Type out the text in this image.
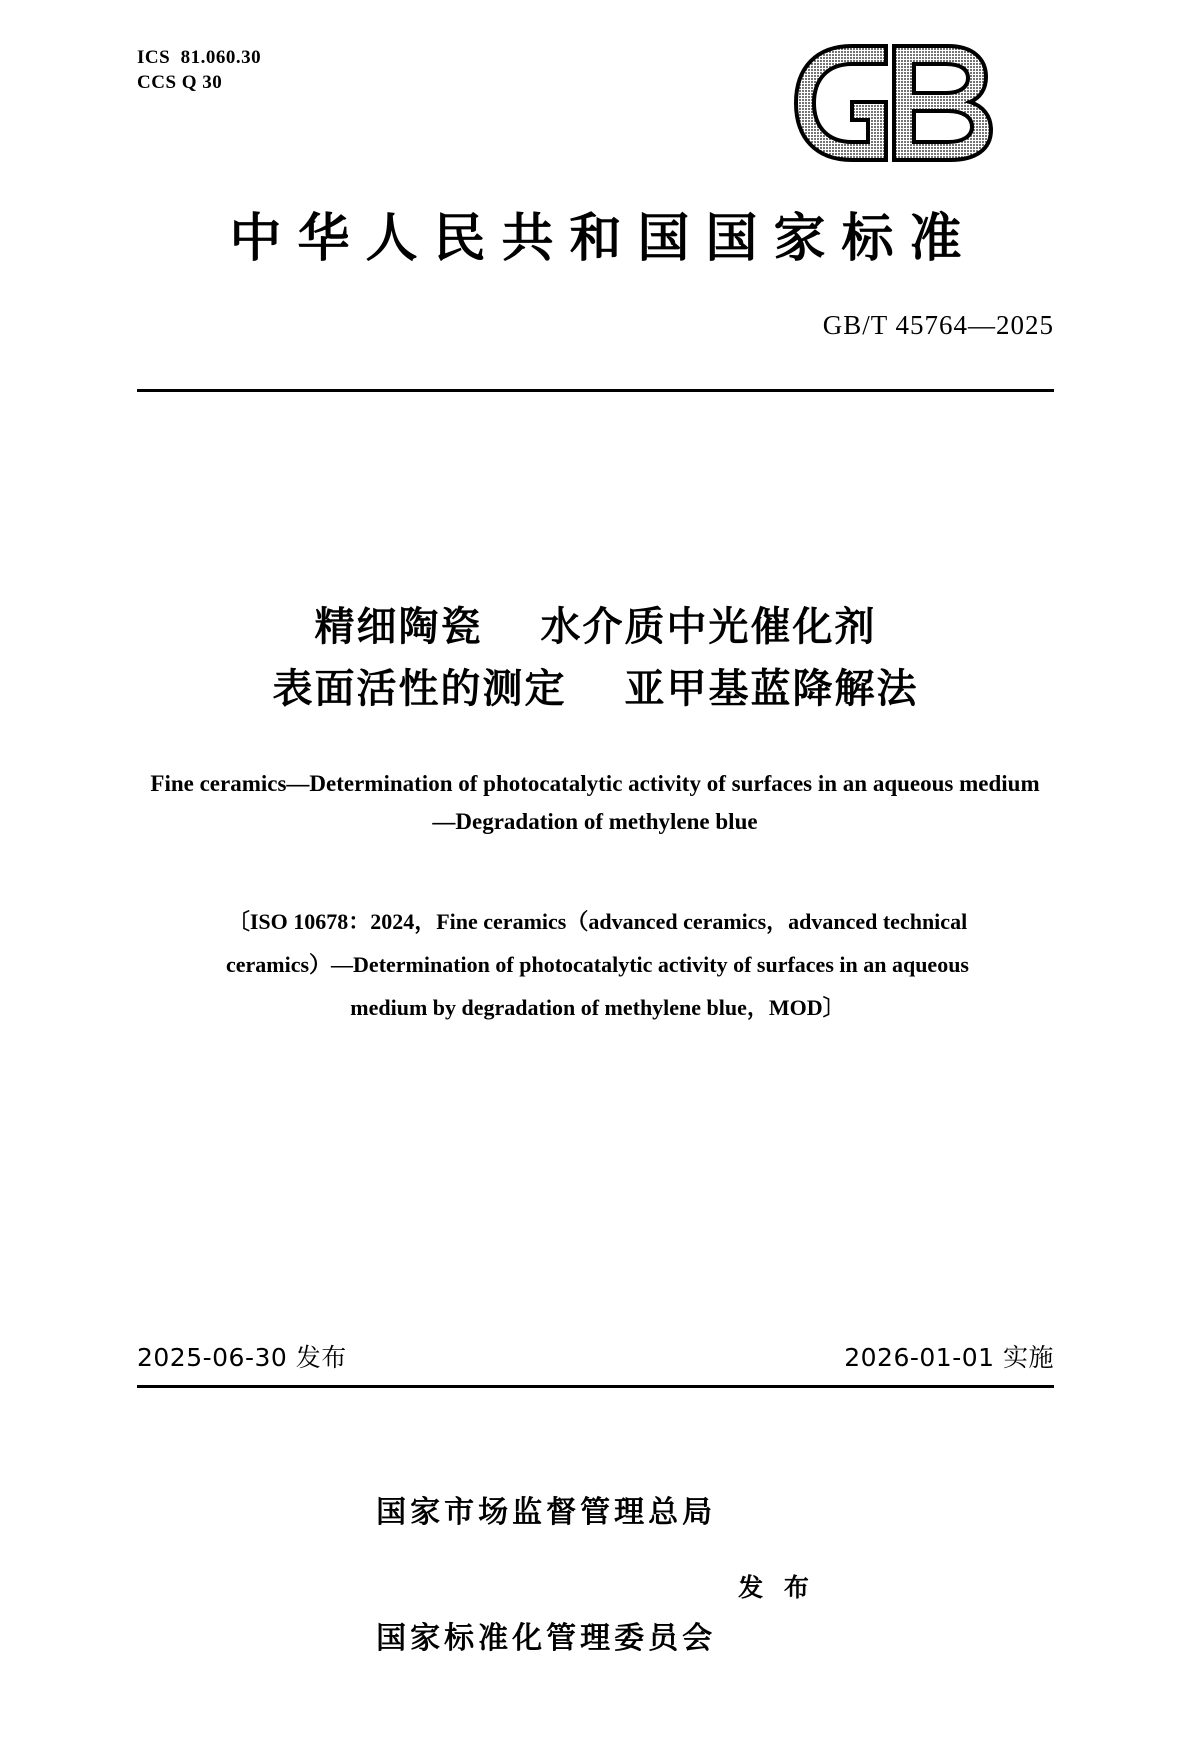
ICS  81.060.30
CCS Q 30
中华人民共和国国家标准
GB/T 45764—2025
精细陶瓷　 水介质中光催化剂
表面活性的测定　 亚甲基蓝降解法
Fine ceramics—Determination of photocatalytic activity of surfaces in an aqueous medium—Degradation of methylene blue
〔ISO 10678：2024，Fine ceramics（advanced ceramics，advanced technical
ceramics）—Determination of photocatalytic activity of surfaces in an aqueous
medium by degradation of methylene blue，MOD〕
2025-06-30 发布	2026-01-01 实施

国家市场监督管理总局

国家标准化管理委员会

发 布
